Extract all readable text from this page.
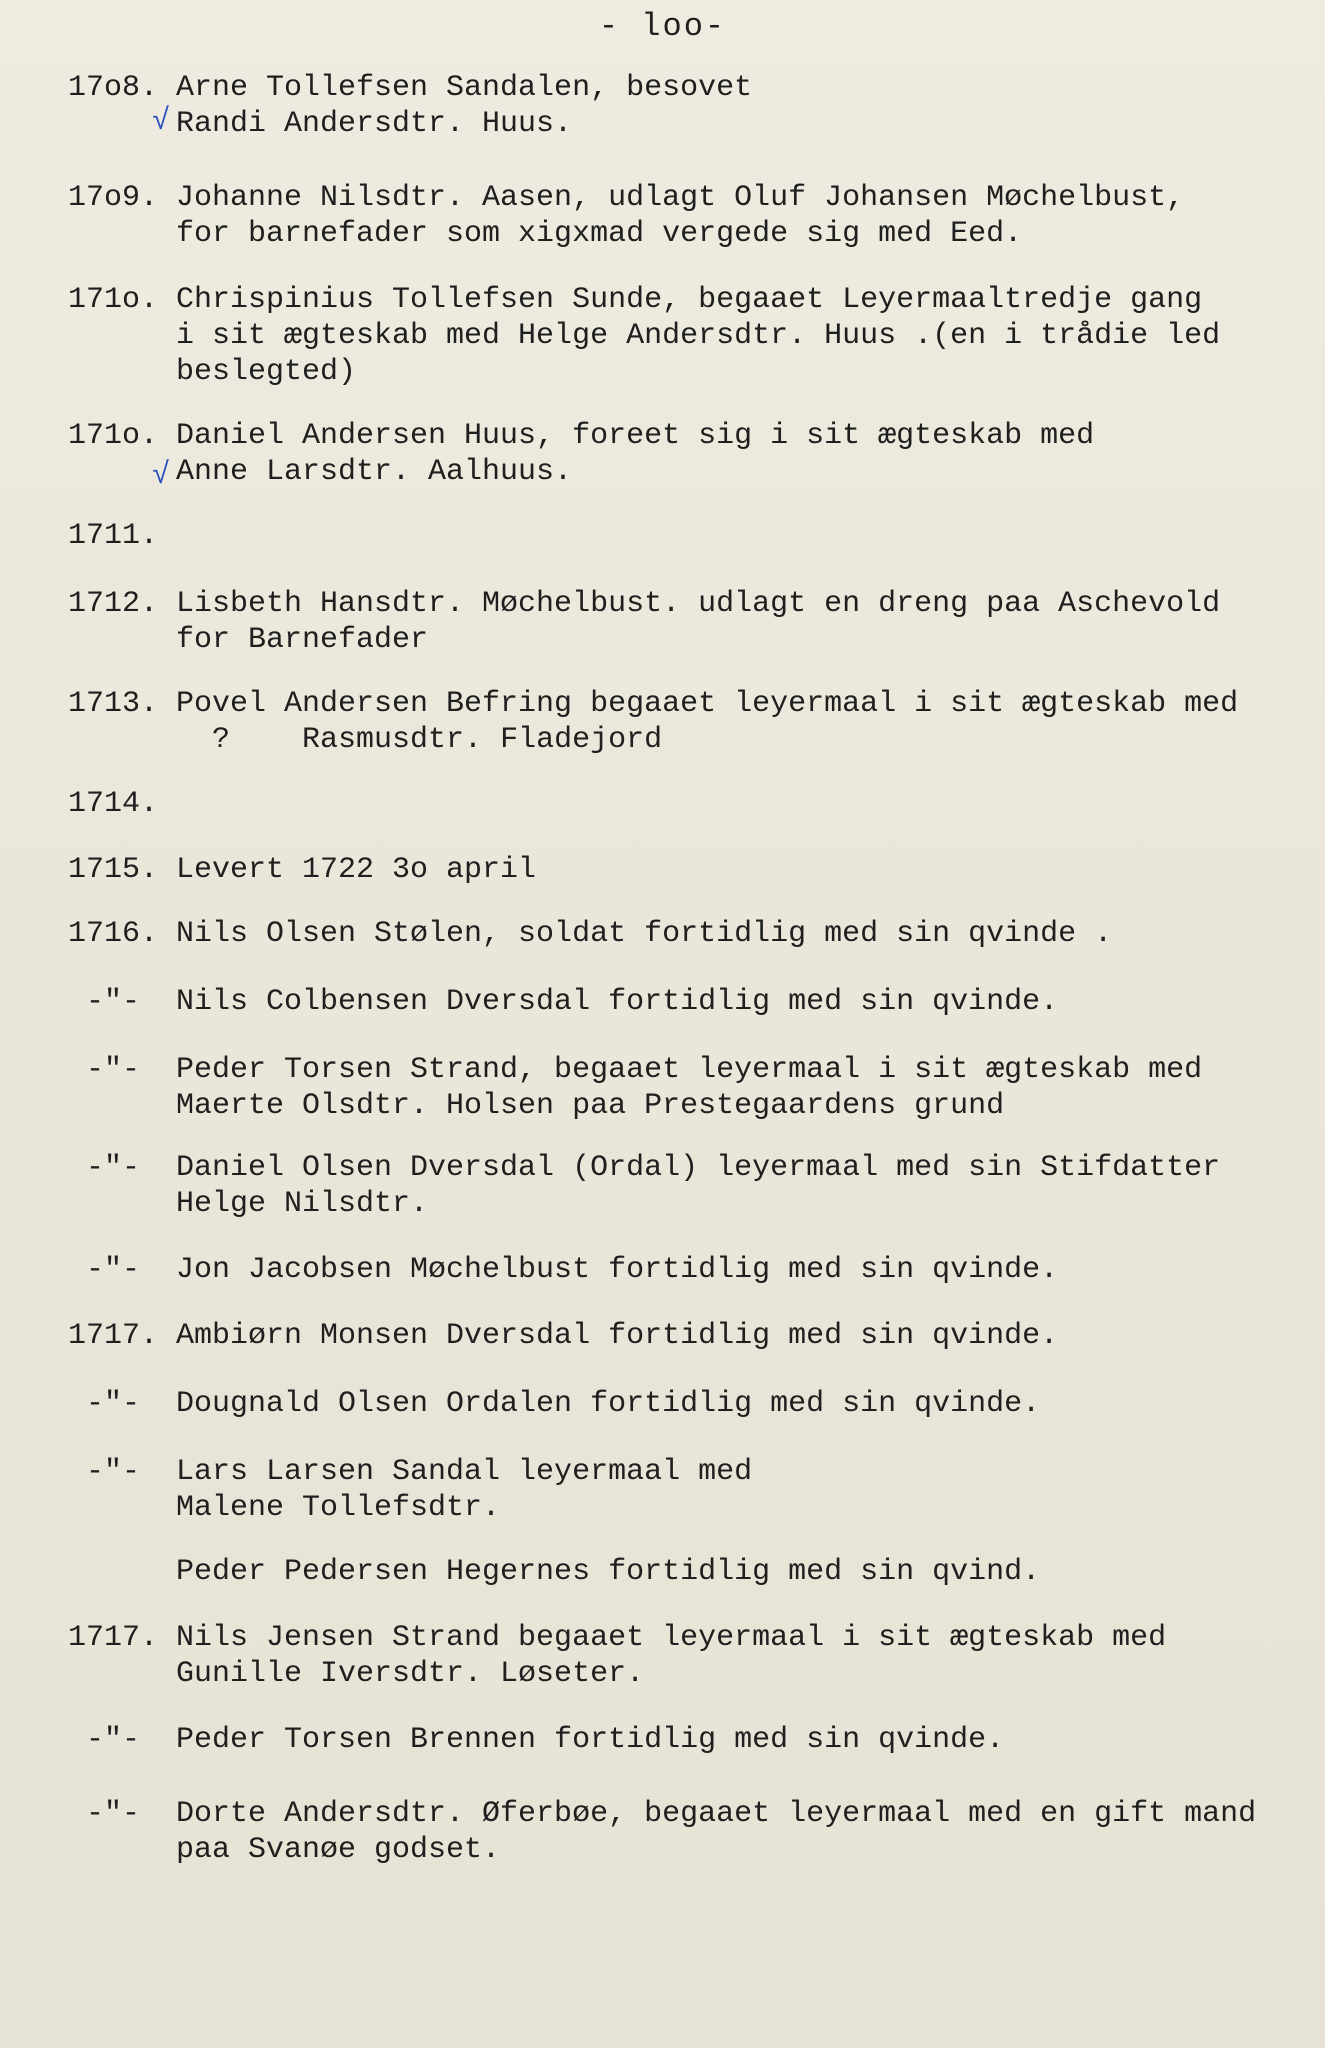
- loo-
17o8. Arne Tollefsen Sandalen, besovet
Randi Andersdtr. Huus.
√
17o9. Johanne Nilsdtr. Aasen, udlagt Oluf Johansen Møchelbust,
for barnefader som xigxmad vergede sig med Eed.
171o. Chrispinius Tollefsen Sunde, begaaet Leyermaaltredje gang
i sit ægteskab med Helge Andersdtr. Huus .(en i trådie led
beslegted)
171o. Daniel Andersen Huus, foreet sig i sit ægteskab med
Anne Larsdtr. Aalhuus.
√
1711.
1712. Lisbeth Hansdtr. Møchelbust. udlagt en dreng paa Aschevold
for Barnefader
1713. Povel Andersen Befring begaaet leyermaal i sit ægteskab med
?    Rasmusdtr. Fladejord
1714.
1715. Levert 1722 3o april
1716. Nils Olsen Stølen, soldat fortidlig med sin qvinde .
-"-	Nils Colbensen Dversdal fortidlig med sin qvinde.
-"-	Peder Torsen Strand, begaaet leyermaal i sit ægteskab med
Maerte Olsdtr. Holsen paa Prestegaardens grund
-"-	Daniel Olsen Dversdal (Ordal) leyermaal med sin Stifdatter
Helge Nilsdtr.
-"-	Jon Jacobsen Møchelbust fortidlig med sin qvinde.
1717. Ambiørn Monsen Dversdal fortidlig med sin qvinde.
-"-	Dougnald Olsen Ordalen fortidlig med sin qvinde.
-"-	Lars Larsen Sandal leyermaal med
Malene Tollefsdtr.
Peder Pedersen Hegernes fortidlig med sin qvind.
1717. Nils Jensen Strand begaaet leyermaal i sit ægteskab med
Gunille Iversdtr. Løseter.
-"-	Peder Torsen Brennen fortidlig med sin qvinde.
-"-	Dorte Andersdtr. Øferbøe, begaaet leyermaal med en gift mand
paa Svanøe godset.
